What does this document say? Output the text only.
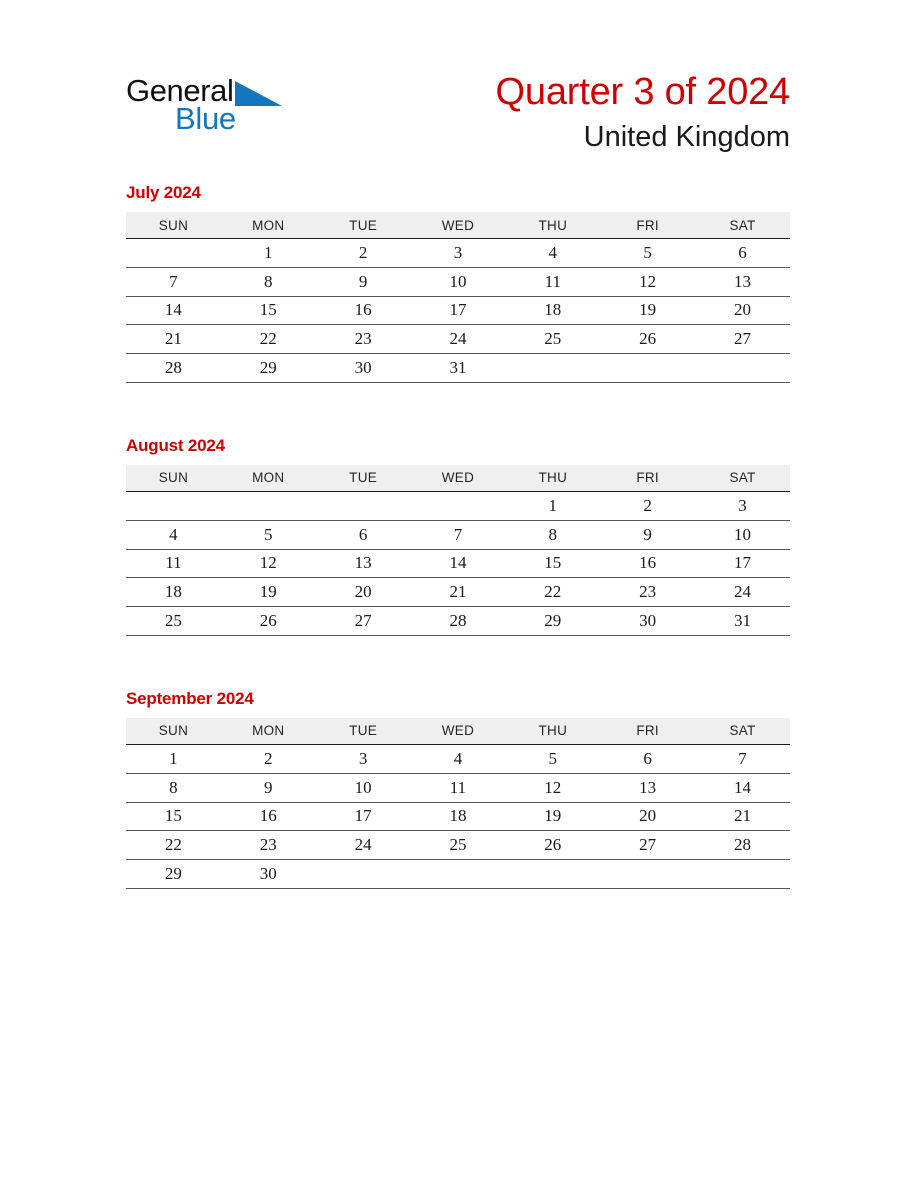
General
Blue
Quarter 3 of 2024
United Kingdom
July 2024
SUN	MON	TUE	WED	THU	FRI	SAT
	1	2	3	4	5	6
7	8	9	10	11	12	13
14	15	16	17	18	19	20
21	22	23	24	25	26	27
28	29	30	31			
August 2024
SUN	MON	TUE	WED	THU	FRI	SAT
				1	2	3
4	5	6	7	8	9	10
11	12	13	14	15	16	17
18	19	20	21	22	23	24
25	26	27	28	29	30	31
September 2024
SUN	MON	TUE	WED	THU	FRI	SAT
1	2	3	4	5	6	7
8	9	10	11	12	13	14
15	16	17	18	19	20	21
22	23	24	25	26	27	28
29	30					
